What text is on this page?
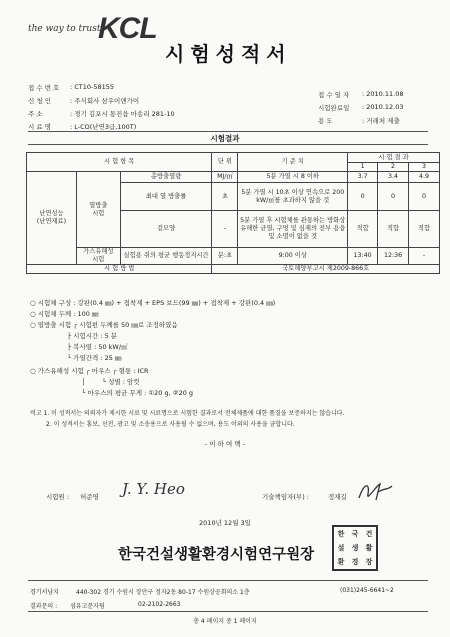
the way to trust
KCL
시험성적서
접 수 번 호 : CT10-58155
신 청 인	: 주식회사 삼우이앤가이
주 소	: 경기 김포시 통진읍 마송리 281-10
시 료 명	: L-CO(난연3급,100T)
접 수 일 자 : 2010.11.08
시험완료일 : 2010.12.03
용 도	: 거래처 제출
시험결과
시 험 항 목			단 위	기 준 치	시 험 결 과		
					1	2	3
난연성능
(난연재료)	열방출
시험	총방출열량	MJ/㎡	5분 가열 시 8 이하	3.7	3.4	4.9
		최대 열 방출률	초	5분 가열 시 10초 이상 연속으로 200 kW/㎡를 초과하지 않을 것	0	0	0
		겉모양	-	5분 가열 후 시험체를 관통하는 방화상 유해한 균열, 구멍 및 심재의 전부 용융 및 소멸이 없을 것	적합	적합	적합
	가스유해성
시험	실험용 쥐의 평균 행동정지시간	분:초	9:00 이상	13:40	12:36	-
시 험 방 법			국토해양부고시 제2009-866호				
○ 시험체 구성 : 강판(0.4 ㎜) + 접착제 + EPS 보드(99 ㎜) + 접착제 + 강판(0.4 ㎜)
○ 시험체 두께 : 100 ㎜
○ 열방출 시험 ┌ 시험편 두께를 50 ㎜로 조정하였음
├ 시험시간 : 5 분
├ 복사열 : 50 kW/㎡
└ 가열간격 : 25 ㎜
○ 가스유해성 시험 ┌ 마우스 ┌ 혈통 : ICR
│        └ 성별 : 암컷
└ 마우스의 평균 무게 : ①20 g, ②20 g
비고 1. 이 성적서는 의뢰자가 제시한 시료 및 시료명으로 시험한 결과로서 전체제품에 대한 품질을 보증하지는 않습니다.
2. 이 성적서는 홍보, 선전, 광고 및 소송용으로 사용될 수 없으며, 용도 이외의 사용을 금합니다.
- 이 하 여 백 -
시험원 : 허준영 J. Y. Heo	기술책임자(부) :	정재길
2010년 12월 3일
한국건설생활환경시험연구원장
한 국 건
설 생 활
환 경 장
경기서남지	440-302 경기 수원시 장안구 정자2동 80-17 수원상공회의소 1층	(031)245-6641~2
결과문의 : 섬유고분자팀	02-2102-2663
총 4 페이지 중 1 페이지
